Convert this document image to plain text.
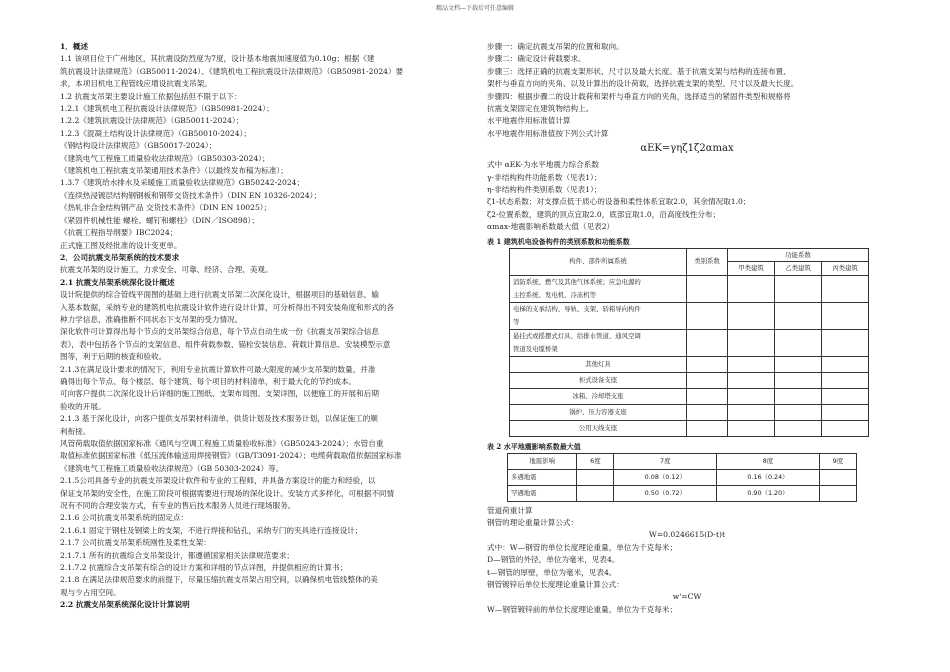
精品文档---下载后可任意编辑

1．概述

1.1 该项目位于广州地区，其抗震设防烈度为7度，设计基本地震加速度值为0.10g；根据《建

筑抗震设计法律规范》（GB50011-2024）、《建筑机电工程抗震设计法律规范》（GB50981-2024）要

求，本项目机电工程管线应增设抗震支吊架。

1.2 抗震支吊架主要设计施工依据包括但不限于以下：

1.2.1《建筑机电工程抗震设计法律规范》（GB50981-2024）；

1.2.2《建筑抗震设计法律规范》（GB50011-2024）；

1.2.3《混凝土结构设计法律规范》（GB50010-2024）；

《钢结构设计法律规范》（GB50017-2024）；

《建筑电气工程施工质量验收法律规范》（GB50303-2024）；

《建筑机电工程抗震支吊架通用技术条件》（以最终发布稿为标准）；

1.3.7《建筑给水排水及采暖施工质量验收法律规范》GB50242-2024；

《连续热浸镀层结构钢钢板和钢带交货技术条件》（DIN EN 10326-2024）；

《热轧非合金结构钢产品 交货技术条件》（DIN EN 10025）；

《紧固件机械性能 螺栓、螺钉和螺柱》（DIN／ISO898）；

《抗震工程指导纲要》IBC2024；

正式施工图及经批准的设计变更单。

2．公司抗震支吊架系统的技术要求

抗震支吊架的设计施工，力求安全、可靠、经济、合理、美观。

2.1 抗震支吊架系统深化设计概述

设计院提供的综合管线平面图的基础上进行抗震支吊架二次深化设计，根据项目的基础信息，输

入基本数据，采纳专业的建筑机电抗震设计软件进行设计计算，可分析得出不同安装角度和形式的各

种力学信息，准确推断不同状态下支吊架的受力情况。

深化软件可计算得出每个节点的支吊架综合信息，每个节点自动生成一份《抗震支吊架综合信息

表》，表中包括各个节点的支架信息、组件荷载参数、锚栓安装信息、荷载计算信息、安装模型示意

图等，利于后期的核査和验收。

2.1.3在满足设计要求的情况下，利用专业抗震计算软件可最大限度的减少支吊架的数量，并准

确得出每个节点、每个楼层、每个建筑、每个项目的材料清单，利于最大化的节约成本。

可向客户提供二次深化设计后详细的施工图纸、支架布局图、支架详图，以便施工的开展和后期

验收的开展。

2.1.3 基于深化设计，向客户提供支吊架材料清单、供货计划及技术服务计划，以保证施工的顺

利衔接。

风管荷载取值依据国家标准《通风与空调工程施工质量验收标准》（GB50243-2024）；水管自重

取值标准依据国家标准《低压流体输送用焊接钢管》（GB/T3091-2024）；电缆荷载取值依据国家标准

《建筑电气工程施工质量验收法律规范》（GB 50303-2024）等。

2.1.5公司具备专业的抗震支吊架设计软件和专业的工程师，并具备方案设计的能力和经验，以

保证支吊架的安全性，在施工阶段可根据需要进行现场的深化设计。安装方式多样化，可根据不同情

况有不同的合理安装方式，有专业的售后技术服务人员进行现场服务。

2.1.6 公司抗震支吊架系统的固定点：

2.1.6.1 固定于钢柱及钢梁上的支架，不进行焊接和钻孔，采纳专门的夹具进行连接设计；

2.1.7 公司抗震支吊架系统刚性及柔性支架：

2.1.7.1 所有的抗震综合支吊架设计，都遵循国家相关法律规范要求；

2.1.7.2 抗震综合支吊架有综合的设计方案和详细的节点详图，并提供相应的计算书；

2.1.8 在满足法律规范要求的前提下，尽量压缩抗震支吊架占用空间，以确保机电管线整体的美

观与少占用空间。

2.2 抗震支吊架系统深化设计计算说明

步骤一：确定抗震支吊架的位置和取向。

步骤二：确定设计荷载要求。

步骤三：选择正确的抗震支架形状、尺寸以及最大长度。基于抗震支架与结构的连接布置、

架杆与垂直方向的夹角、以及计算出的设计荷载，选择抗震支架的类型、尺寸以及最大长度。

步骤四：根据步骤二的设计载荷和架杆与垂直方向的夹角，选择适当的紧固件类型和规格将

抗震支架固定在建筑物结构上。

水平地震作用标准值计算

水平地震作用标准值按下列公式计算

αEK=γηζ1ζ2αmax

式中 αEK-为水平地震力综合系数

γ-非结构构件功能系数（见表1）；

η-非结构构件类别系数（见表1）；

ζ1-状态系数；对支撑点低于质心的设备和柔性体系宜取2.0，其余情况取1.0；

ζ2-位置系数，建筑的顶点宜取2.0，底部宜取1.0，沿高度线性分布；

αmax-地震影响系数最大值（见表2）

表 1 建筑机电设备构件的类别系数和功能系数
构件、部件所属系统	类别系数	功能系数		
		甲类建筑	乙类建筑	丙类建筑

消防系统、燃气及其他气体系统；应急电源的
主控系统、发电机、冷冻机等				

电梯的支承结构、导轨、支架、轿箱导向构件
等				

悬挂式或摇摆式灯具、给排水管道、通风空调
管道及电缆桥架				

其他灯具				

柜式设备支座				

冰箱、冷却塔支座				

锅炉、压力容器支座				

公用天线支座				

表 2 水平地震影响系数最大值
地震影响	6度	7度	8度	9度
多遇地震		0.08（0.12）	0.16（0.24）	
罕遇地震		0.50（0.72）	0.90（1.20）	

管道荷重计算

钢管的理论重量计算公式：

W=0.0246615(D-t)t

式中：W—钢管的单位长度理论重量，单位为千克每米；

D—钢管的外径，单位为毫米，见表4。

t—钢管的厚壁，单位为毫米，见表4。

钢管镀锌后单位长度理论重量计算公式：

w'=CW

W—钢管镀锌前的单位长度理论重量，单位为千克每米；
